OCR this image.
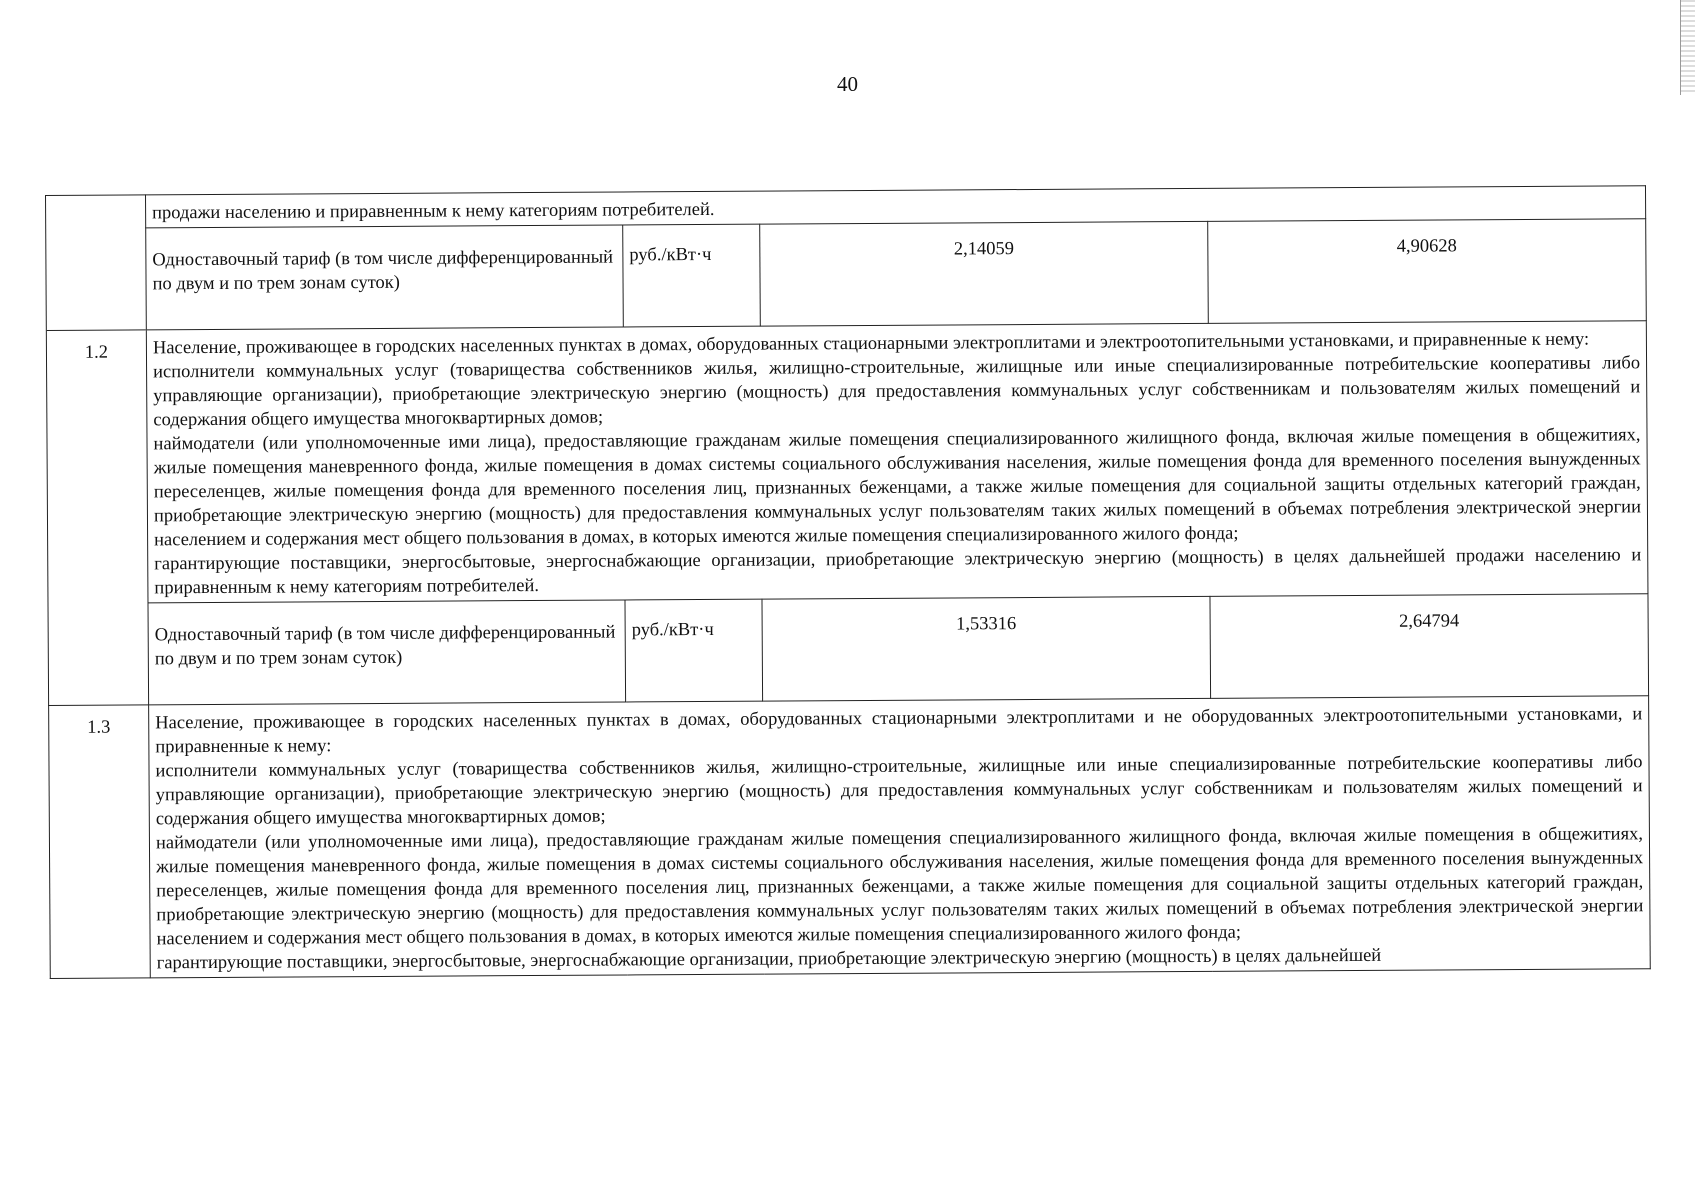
40
	продажи населению и приравненным к нему категориям потребителей.			
	Одноставочный тариф (в том числе дифференцированный по двум и по трем зонам суток)	руб./кВт·ч	2,14059	4,90628
1.2	Население, проживающее в городских населенных пунктах в домах, оборудованных стационарными электроплитами и электроотопительными установками, и приравненные к нему:
исполнители коммунальных услуг (товарищества собственников жилья, жилищно-строительные, жилищные или иные специализированные потребительские кооперативы либо управляющие организации), приобретающие электрическую энергию (мощность) для предоставления коммунальных услуг собственникам и пользователям жилых помещений и содержания общего имущества многоквартирных домов;
наймодатели (или уполномоченные ими лица), предоставляющие гражданам жилые помещения специализированного жилищного фонда, включая жилые помещения в общежитиях, жилые помещения маневренного фонда, жилые помещения в домах системы социального обслуживания населения, жилые помещения фонда для временного поселения вынужденных переселенцев, жилые помещения фонда для временного поселения лиц, признанных беженцами, а также жилые помещения для социальной защиты отдельных категорий граждан, приобретающие электрическую энергию (мощность) для предоставления коммунальных услуг пользователям таких жилых помещений в объемах потребления электрической энергии населением и содержания мест общего пользования в домах, в которых имеются жилые помещения специализированного жилого фонда;
гарантирующие поставщики, энергосбытовые, энергоснабжающие организации, приобретающие электрическую энергию (мощность) в целях дальнейшей продажи населению и приравненным к нему категориям потребителей.			

	Одноставочный тариф (в том числе дифференцированный по двум и по трем зонам суток)	руб./кВт·ч	1,53316	2,64794
1.3	Население, проживающее в городских населенных пунктах в домах, оборудованных стационарными электроплитами и не оборудованных электроотопительными установками, и приравненные к нему:
исполнители коммунальных услуг (товарищества собственников жилья, жилищно-строительные, жилищные или иные специализированные потребительские кооперативы либо управляющие организации), приобретающие электрическую энергию (мощность) для предоставления коммунальных услуг собственникам и пользователям жилых помещений и содержания общего имущества многоквартирных домов;
наймодатели (или уполномоченные ими лица), предоставляющие гражданам жилые помещения специализированного жилищного фонда, включая жилые помещения в общежитиях, жилые помещения маневренного фонда, жилые помещения в домах системы социального обслуживания населения, жилые помещения фонда для временного поселения вынужденных переселенцев, жилые помещения фонда для временного поселения лиц, признанных беженцами, а также жилые помещения для социальной защиты отдельных категорий граждан, приобретающие электрическую энергию (мощность) для предоставления коммунальных услуг пользователям таких жилых помещений в объемах потребления электрической энергии населением и содержания мест общего пользования в домах, в которых имеются жилые помещения специализированного жилого фонда;
гарантирующие поставщики, энергосбытовые, энергоснабжающие организации, приобретающие электрическую энергию (мощность) в целях дальнейшей			
